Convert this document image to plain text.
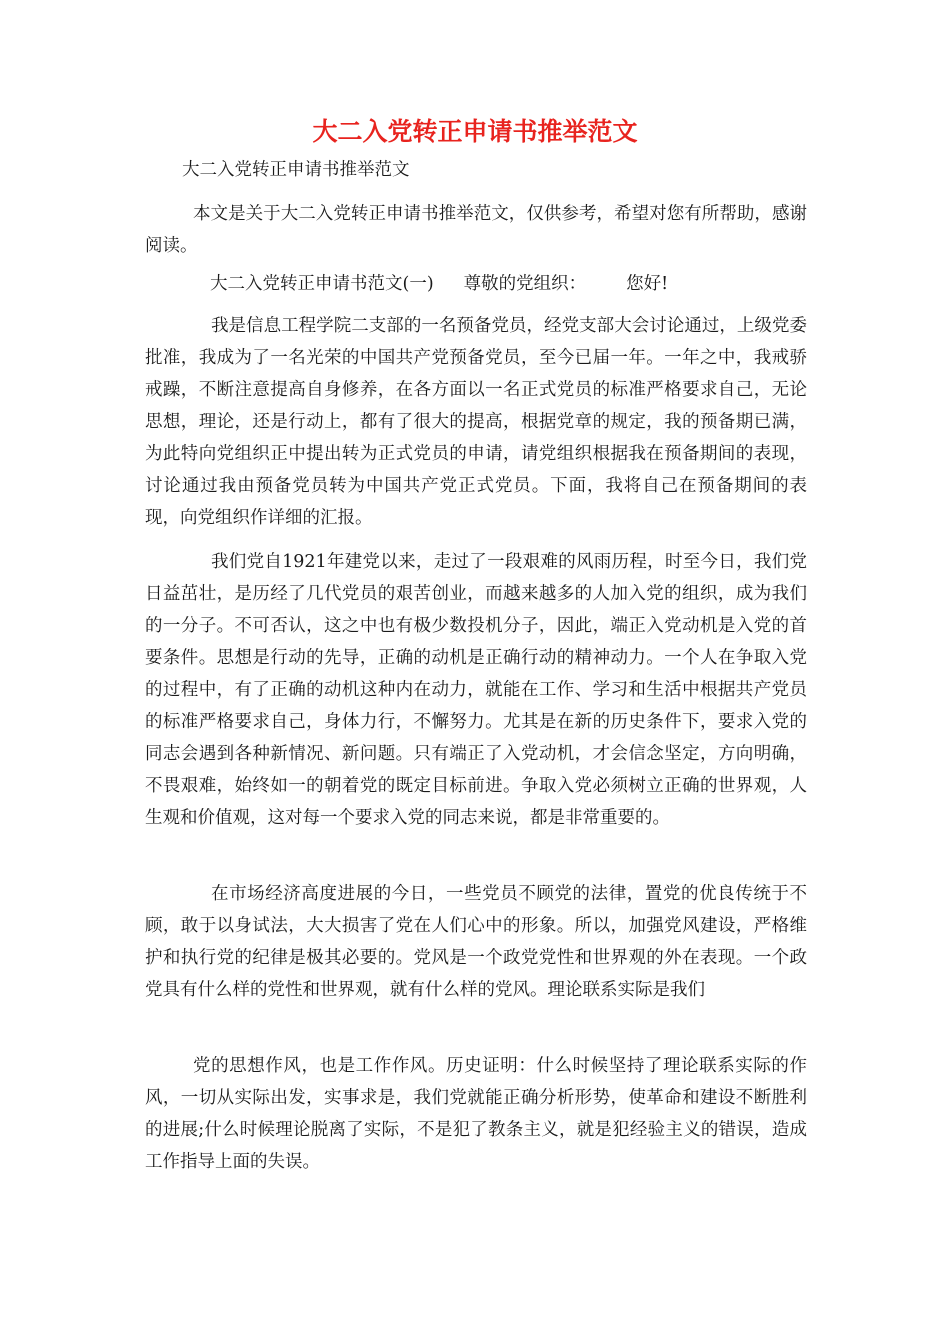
大二入党转正申请书推举范文
大二入党转正申请书推举范文

本文是关于大二入党转正申请书推举范文，仅供参考，希望对您有所帮助，感谢阅读。

大二入党转正申请书范文(一) 尊敬的党组织： 您好!

我是信息工程学院二支部的一名预备党员，经党支部大会讨论通过，上级党委批准，我成为了一名光荣的中国共产党预备党员，至今已届一年。一年之中，我戒骄戒躁，不断注意提高自身修养，在各方面以一名正式党员的标准严格要求自己，无论思想，理论，还是行动上，都有了很大的提高，根据党章的规定，我的预备期已满，为此特向党组织正中提出转为正式党员的申请，请党组织根据我在预备期间的表现，讨论通过我由预备党员转为中国共产党正式党员。下面，我将自己在预备期间的表现，向党组织作详细的汇报。

我们党自1921年建党以来，走过了一段艰难的风雨历程，时至今日，我们党日益茁壮，是历经了几代党员的艰苦创业，而越来越多的人加入党的组织，成为我们的一分子。不可否认，这之中也有极少数投机分子，因此，端正入党动机是入党的首要条件。思想是行动的先导，正确的动机是正确行动的精神动力。一个人在争取入党的过程中，有了正确的动机这种内在动力，就能在工作、学习和生活中根据共产党员的标准严格要求自己，身体力行，不懈努力。尤其是在新的历史条件下，要求入党的同志会遇到各种新情况、新问题。只有端正了入党动机，才会信念坚定，方向明确，不畏艰难，始终如一的朝着党的既定目标前进。争取入党必须树立正确的世界观，人生观和价值观，这对每一个要求入党的同志来说，都是非常重要的。

在市场经济高度进展的今日，一些党员不顾党的法律，置党的优良传统于不顾，敢于以身试法，大大损害了党在人们心中的形象。所以，加强党风建设，严格维护和执行党的纪律是极其必要的。党风是一个政党党性和世界观的外在表现。一个政党具有什么样的党性和世界观，就有什么样的党风。理论联系实际是我们

党的思想作风，也是工作作风。历史证明：什么时候坚持了理论联系实际的作风，一切从实际出发，实事求是，我们党就能正确分析形势，使革命和建设不断胜利的进展;什么时候理论脱离了实际，不是犯了教条主义，就是犯经验主义的错误，造成工作指导上面的失误。
